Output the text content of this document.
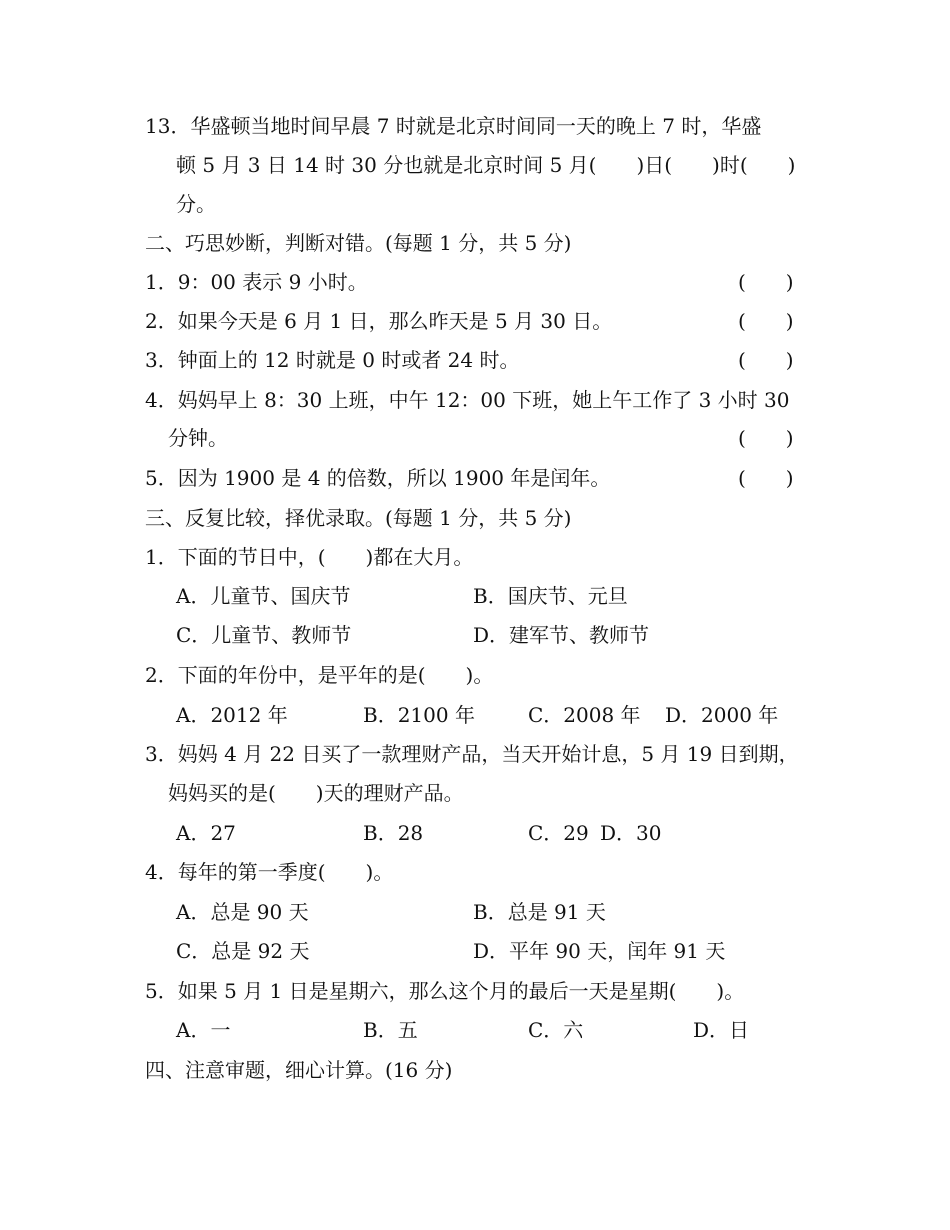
13．华盛顿当地时间早晨 7 时就是北京时间同一天的晚上 7 时，华盛
顿 5 月 3 日 14 时 30 分也就是北京时间 5 月(　　)日(　　)时(　　)
分。
二、巧思妙断，判断对错。(每题 1 分，共 5 分)
1．9：00 表示 9 小时。	(　　)
2．如果今天是 6 月 1 日，那么昨天是 5 月 30 日。	(　　)
3．钟面上的 12 时就是 0 时或者 24 时。	(　　)
4．妈妈早上 8：30 上班，中午 12：00 下班，她上午工作了 3 小时 30
分钟。	(　　)
5．因为 1900 是 4 的倍数，所以 1900 年是闰年。	(　　)
三、反复比较，择优录取。(每题 1 分，共 5 分)
1．下面的节日中，(　　)都在大月。
A．儿童节、国庆节	B．国庆节、元旦
C．儿童节、教师节	D．建军节、教师节
2．下面的年份中，是平年的是(　　)。
A．2012 年	B．2100 年	C．2008 年 D．2000 年
3．妈妈 4 月 22 日买了一款理财产品，当天开始计息，5 月 19 日到期，
妈妈买的是(　　)天的理财产品。
A．27	B．28	C．29 D．30
4．每年的第一季度(　　)。
A．总是 90 天	B．总是 91 天
C．总是 92 天	D．平年 90 天，闰年 91 天
5．如果 5 月 1 日是星期六，那么这个月的最后一天是星期(　　)。
A．一	B．五	C．六	D．日
四、注意审题，细心计算。(16 分)
